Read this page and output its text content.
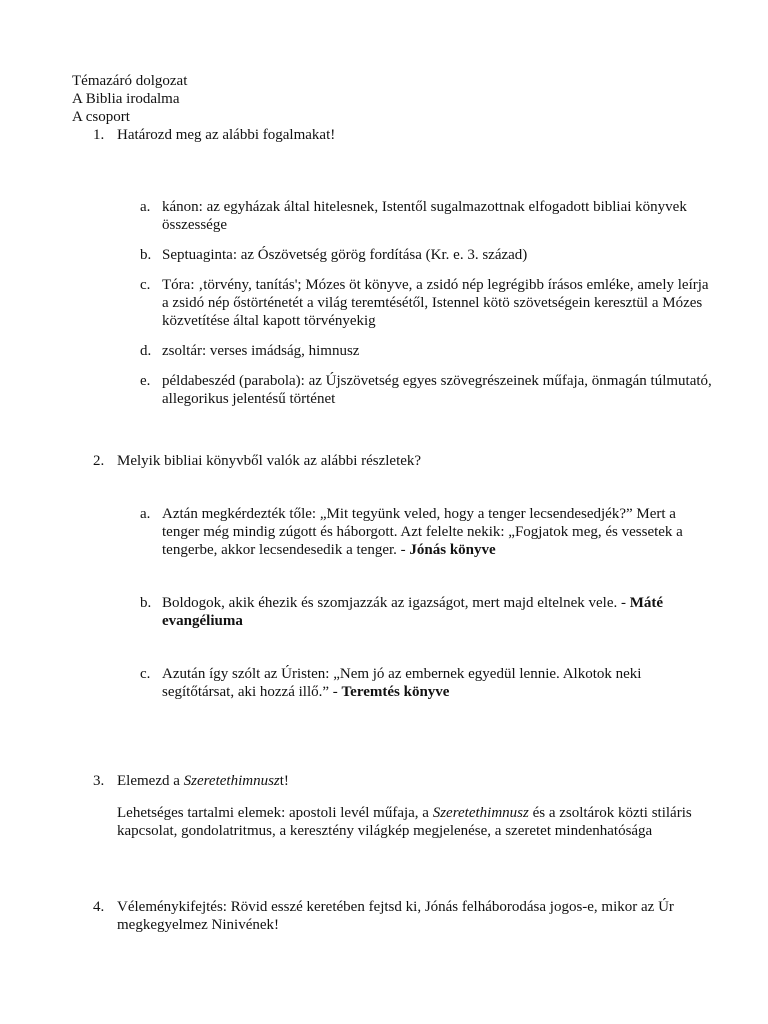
Témazáró dolgozat

A Biblia irodalma

A csoport

1. Határozd meg az alábbi fogalmakat!
a. kánon: az egyházak által hitelesnek, Istentől sugalmazottnak elfogadott bibliai könyvek összessége
b. Septuaginta: az Ószövetség görög fordítása (Kr. e. 3. század)
c. Tóra: ‚törvény, tanítás'; Mózes öt könyve, a zsidó nép legrégibb írásos emléke, amely leírja a zsidó nép őstörténetét a világ teremtésétől, Istennel kötö szövetségein keresztül a Mózes közvetítése által kapott törvényekig
d. zsoltár: verses imádság, himnusz
e. példabeszéd (parabola): az Újszövetség egyes szövegrészeinek műfaja, önmagán túlmutató, allegorikus jelentésű történet
2. Melyik bibliai könyvből valók az alábbi részletek?
a. Aztán megkérdezték tőle: „Mit tegyünk veled, hogy a tenger lecsendesedjék?” Mert a tenger még mindig zúgott és háborgott. Azt felelte nekik: „Fogjatok meg, és vessetek a tengerbe, akkor lecsendesedik a tenger. - Jónás könyve
b. Boldogok, akik éhezik és szomjazzák az igazságot, mert majd eltelnek vele. - Máté evangéliuma
c. Azután így szólt az Úristen: „Nem jó az embernek egyedül lennie. Alkotok neki segítőtársat, aki hozzá illő.” - Teremtés könyve
3. Elemezd a Szeretethimnuszt!
Lehetséges tartalmi elemek: apostoli levél műfaja, a Szeretethimnusz és a zsoltárok közti stiláris kapcsolat, gondolatritmus, a keresztény világkép megjelenése, a szeretet mindenhatósága
4. Véleménykifejtés: Rövid esszé keretében fejtsd ki, Jónás felháborodása jogos-e, mikor az Úr megkegyelmez Ninivének!
